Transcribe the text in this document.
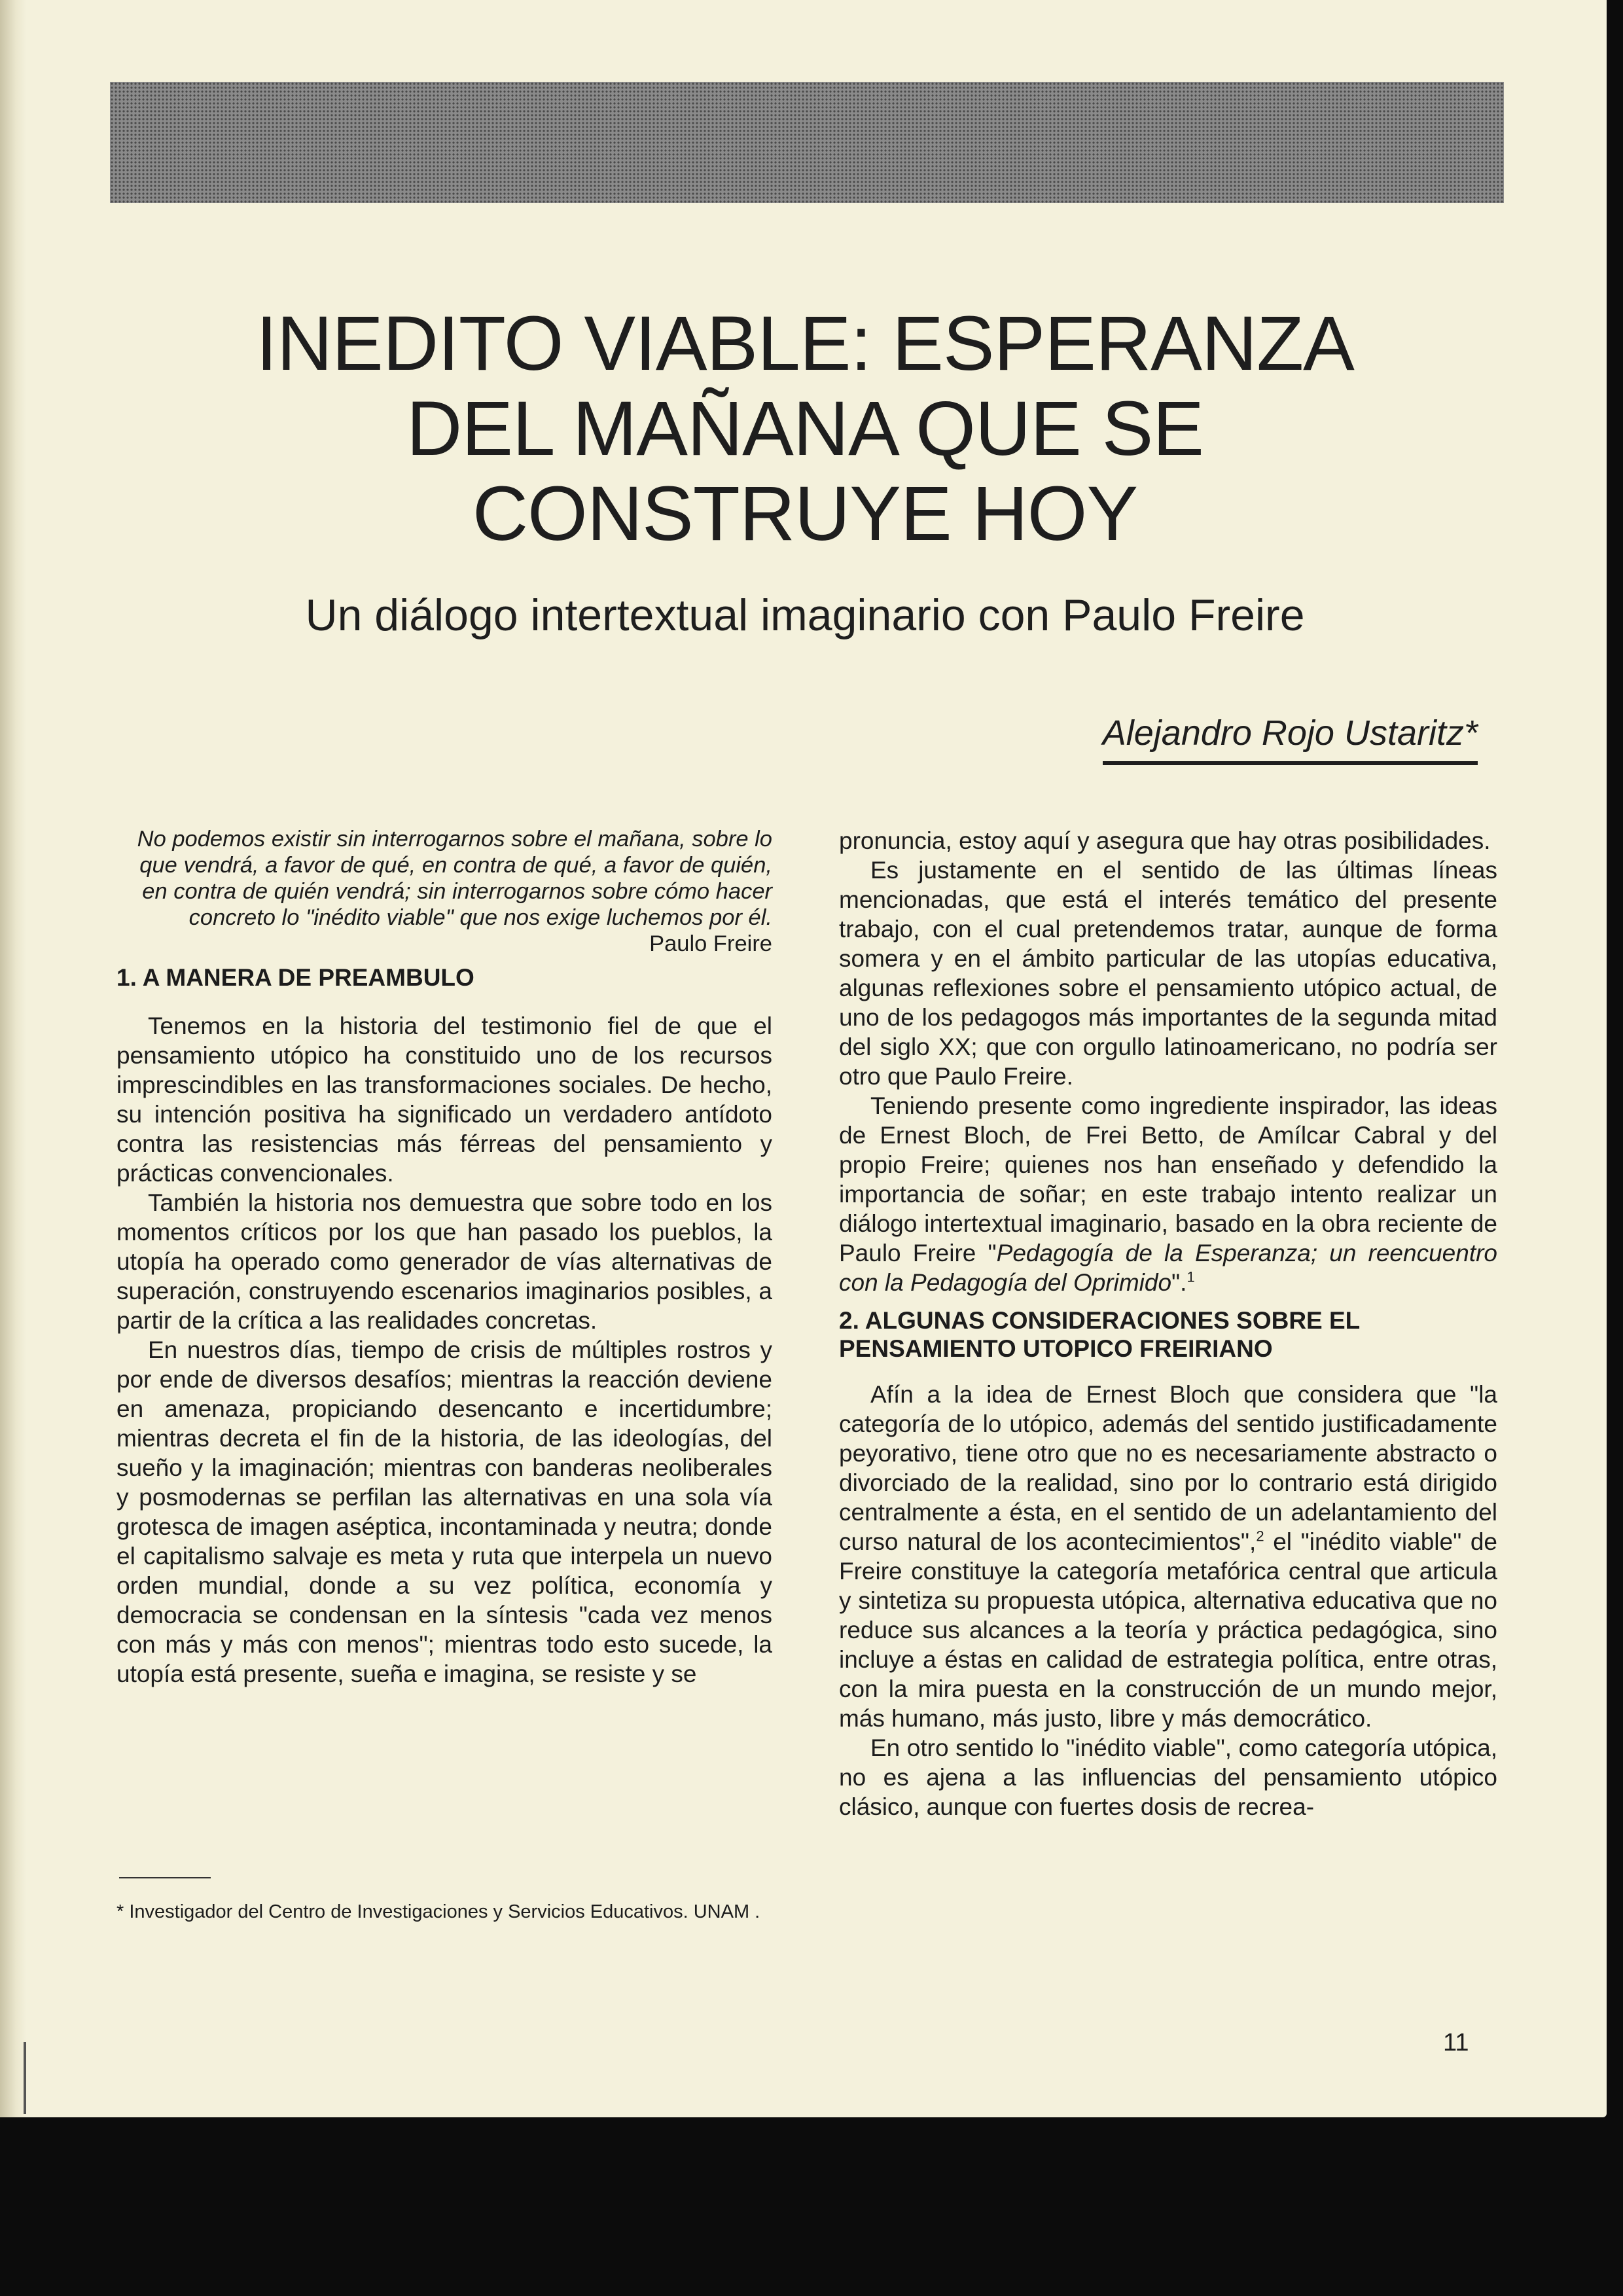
INEDITO VIABLE: ESPERANZA
DEL MAÑANA QUE SE
CONSTRUYE HOY
Un diálogo intertextual imaginario con Paulo Freire
Alejandro Rojo Ustaritz*
No podemos existir sin interrogarnos sobre el mañana, sobre lo que vendrá, a favor de qué, en contra de qué, a favor de quién, en contra de quién vendrá; sin interrogarnos sobre cómo hacer concreto lo "inédito viable" que nos exige luchemos por él.
Paulo Freire
1. A MANERA DE PREAMBULO

Tenemos en la historia del testimonio fiel de que el pensamiento utópico ha constituido uno de los recursos imprescindibles en las transformaciones sociales. De hecho, su intención positiva ha significado un verdadero antídoto contra las resistencias más férreas del pensamiento y prácticas convencionales.

También la historia nos demuestra que sobre todo en los momentos críticos por los que han pasado los pueblos, la utopía ha operado como generador de vías alternativas de superación, construyendo escenarios imaginarios posibles, a partir de la crítica a las realidades concretas.

En nuestros días, tiempo de crisis de múltiples rostros y por ende de diversos desafíos; mientras la reacción deviene en amenaza, propiciando desencanto e incertidumbre; mientras decreta el fin de la historia, de las ideologías, del sueño y la imaginación; mientras con banderas neoliberales y posmodernas se perfilan las alternativas en una sola vía grotesca de imagen aséptica, incontaminada y neutra; donde el capitalismo salvaje es meta y ruta que interpela un nuevo orden mundial, donde a su vez política, economía y democracia se condensan en la síntesis "cada vez menos con más y más con menos"; mientras todo esto sucede, la utopía está presente, sueña e imagina, se resiste y se

pronuncia, estoy aquí y asegura que hay otras posibilidades.

Es justamente en el sentido de las últimas líneas mencionadas, que está el interés temático del presente trabajo, con el cual pretendemos tratar, aunque de forma somera y en el ámbito particular de las utopías educativa, algunas reflexiones sobre el pensamiento utópico actual, de uno de los pedagogos más importantes de la segunda mitad del siglo XX; que con orgullo latinoamericano, no podría ser otro que Paulo Freire.

Teniendo presente como ingrediente inspirador, las ideas de Ernest Bloch, de Frei Betto, de Amílcar Cabral y del propio Freire; quienes nos han enseñado y defendido la importancia de soñar; en este trabajo intento realizar un diálogo intertextual imaginario, basado en la obra reciente de Paulo Freire "Pedagogía de la Esperanza; un reencuentro con la Pedagogía del Oprimido".$^1$

2. ALGUNAS CONSIDERACIONES SOBRE EL
PENSAMIENTO UTOPICO FREIRIANO

Afín a la idea de Ernest Bloch que considera que "la categoría de lo utópico, además del sentido justificadamente peyorativo, tiene otro que no es necesariamente abstracto o divorciado de la realidad, sino por lo contrario está dirigido centralmente a ésta, en el sentido de un adelantamiento del curso natural de los acontecimientos",$^2$ el "inédito viable" de Freire constituye la categoría metafórica central que articula y sintetiza su propuesta utópica, alternativa educativa que no reduce sus alcances a la teoría y práctica pedagógica, sino incluye a éstas en calidad de estrategia política, entre otras, con la mira puesta en la construcción de un mundo mejor, más humano, más justo, libre y más democrático.

En otro sentido lo "inédito viable", como categoría utópica, no es ajena a las influencias del pensamiento utópico clásico, aunque con fuertes dosis de recrea-

* Investigador del Centro de Investigaciones y Servicios Educativos. UNAM .
11
